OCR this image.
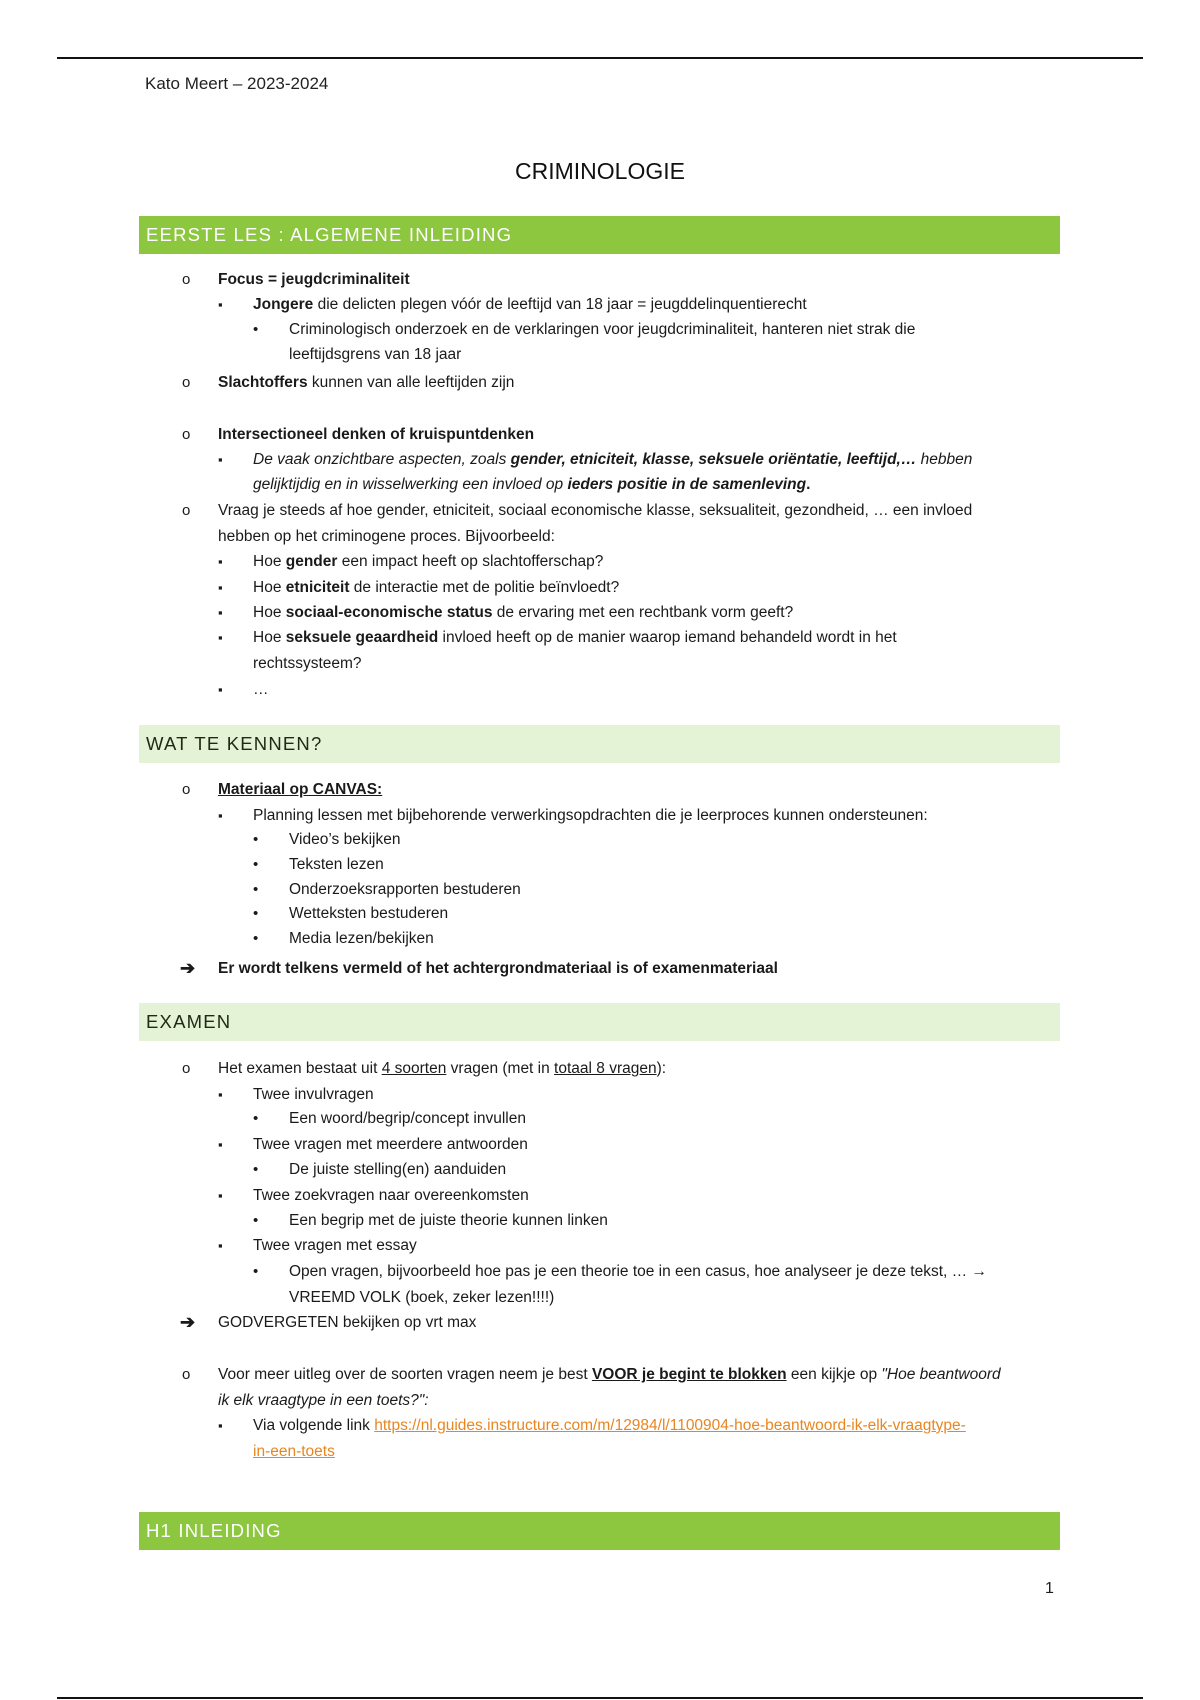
Kato Meert – 2023-2024
CRIMINOLOGIE
EERSTE LES : ALGEMENE INLEIDING
o Focus = jeugdcriminaliteit
▪ Jongere die delicten plegen vóór de leeftijd van 18 jaar = jeugddelinquentierecht
• Criminologisch onderzoek en de verklaringen voor jeugdcriminaliteit, hanteren niet strak die
leeftijdsgrens van 18 jaar
o Slachtoffers kunnen van alle leeftijden zijn
o Intersectioneel denken of kruispuntdenken
▪ De vaak onzichtbare aspecten, zoals gender, etniciteit, klasse, seksuele oriëntatie, leeftijd,… hebben
gelijktijdig en in wisselwerking een invloed op ieders positie in de samenleving.
o Vraag je steeds af hoe gender, etniciteit, sociaal economische klasse, seksualiteit, gezondheid, … een invloed
hebben op het criminogene proces. Bijvoorbeeld:
▪ Hoe gender een impact heeft op slachtofferschap?
▪ Hoe etniciteit de interactie met de politie beïnvloedt?
▪ Hoe sociaal-economische status de ervaring met een rechtbank vorm geeft?
▪ Hoe seksuele geaardheid invloed heeft op de manier waarop iemand behandeld wordt in het
rechtssysteem?
▪ …
WAT TE KENNEN?
o Materiaal op CANVAS:
▪ Planning lessen met bijbehorende verwerkingsopdrachten die je leerproces kunnen ondersteunen:
• Video’s bekijken
• Teksten lezen
• Onderzoeksrapporten bestuderen
• Wetteksten bestuderen
• Media lezen/bekijken
➔ Er wordt telkens vermeld of het achtergrondmateriaal is of examenmateriaal
EXAMEN
o Het examen bestaat uit 4 soorten vragen (met in totaal 8 vragen):
▪ Twee invulvragen
• Een woord/begrip/concept invullen
▪ Twee vragen met meerdere antwoorden
• De juiste stelling(en) aanduiden
▪ Twee zoekvragen naar overeenkomsten
• Een begrip met de juiste theorie kunnen linken
▪ Twee vragen met essay
• Open vragen, bijvoorbeeld hoe pas je een theorie toe in een casus, hoe analyseer je deze tekst, … →
VREEMD VOLK (boek, zeker lezen!!!!)
➔ GODVERGETEN bekijken op vrt max
o Voor meer uitleg over de soorten vragen neem je best VOOR je begint te blokken een kijkje op "Hoe beantwoord
ik elk vraagtype in een toets?":
▪ Via volgende link https://nl.guides.instructure.com/m/12984/l/1100904-hoe-beantwoord-ik-elk-vraagtype-
in-een-toets
H1 INLEIDING
1
